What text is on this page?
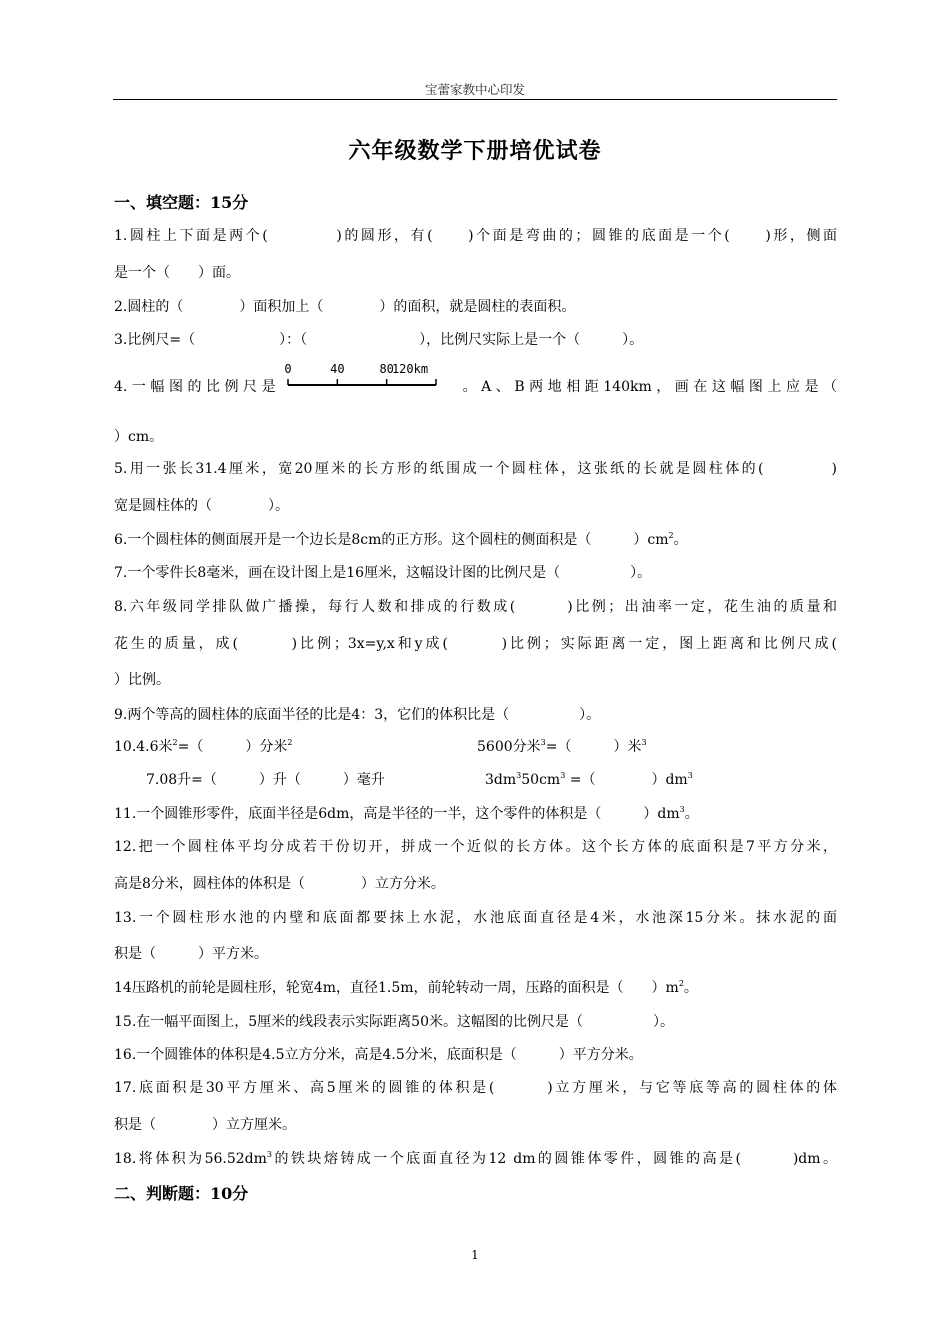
宝蕾家教中心印发
六年级数学下册培优试卷
一、填空题：15分
1.圆柱上下面是两个(　　　　)的圆形，有(　　)个面是弯曲的；圆锥的底面是一个(　　)形，侧面
是一个（　　）面。
2.圆柱的（　　　　）面积加上（　　　　）的面积，就是圆柱的表面积。
3.比例尺=（　　　　　　）：（　　　　　　　　），比例尺实际上是一个（　　　）。
4.一幅图的比例尺是
0	40	80
120km
。A、B两地相距140km，画在这幅图上应是（
）cm。
5.用一张长31.4厘米，宽20厘米的长方形的纸围成一个圆柱体，这张纸的长就是圆柱体的(　　　　)
宽是圆柱体的（　　　　）。
6.一个圆柱体的侧面展开是一个边长是8cm的正方形。这个圆柱的侧面积是（　　　）$cm^2$。
7.一个零件长8毫米，画在设计图上是16厘米，这幅设计图的比例尺是（　　　　　）。
8.六年级同学排队做广播操，每行人数和排成的行数成(　　　)比例；出油率一定，花生油的质量和
花生的质量，成(　　　)比例；3x=y,x和y成(　　　)比例；实际距离一定，图上距离和比例尺成(
）比例。
9.两个等高的圆柱体的底面半径的比是4：3，它们的体积比是（　　　　　）。
10.4.6米$^2$=（　　　）分米$^2$	5600分米$^3$=（　　　）米$^3$
7.08升=（　　　）升（　　　）毫升	$3dm^350cm^3$ =（　　　　）$dm^3$
11.一个圆锥形零件，底面半径是6dm，高是半径的一半，这个零件的体积是（　　　）$dm^3$。
12.把一个圆柱体平均分成若干份切开，拼成一个近似的长方体。这个长方体的底面积是7平方分米，
高是8分米，圆柱体的体积是（　　　　）立方分米。
13.一个圆柱形水池的内壁和底面都要抹上水泥，水池底面直径是4米，水池深15分米。抹水泥的面
积是（　　　）平方米。
14压路机的前轮是圆柱形，轮宽4m，直径1.5m，前轮转动一周，压路的面积是（　　）$m^2$。
15.在一幅平面图上，5厘米的线段表示实际距离50米。这幅图的比例尺是（　　　　　）。
16.一个圆锥体的体积是4.5立方分米，高是4.5分米，底面积是（　　　）平方分米。
17.底面积是30平方厘米、高5厘米的圆锥的体积是(　　　)立方厘米，与它等底等高的圆柱体的体
积是（　　　　）立方厘米。
18.将体积为$56.52dm^3$的铁块熔铸成一个底面直径为12 dm的圆锥体零件，圆锥的高是(　　　)dm。
二、判断题：10分
1
